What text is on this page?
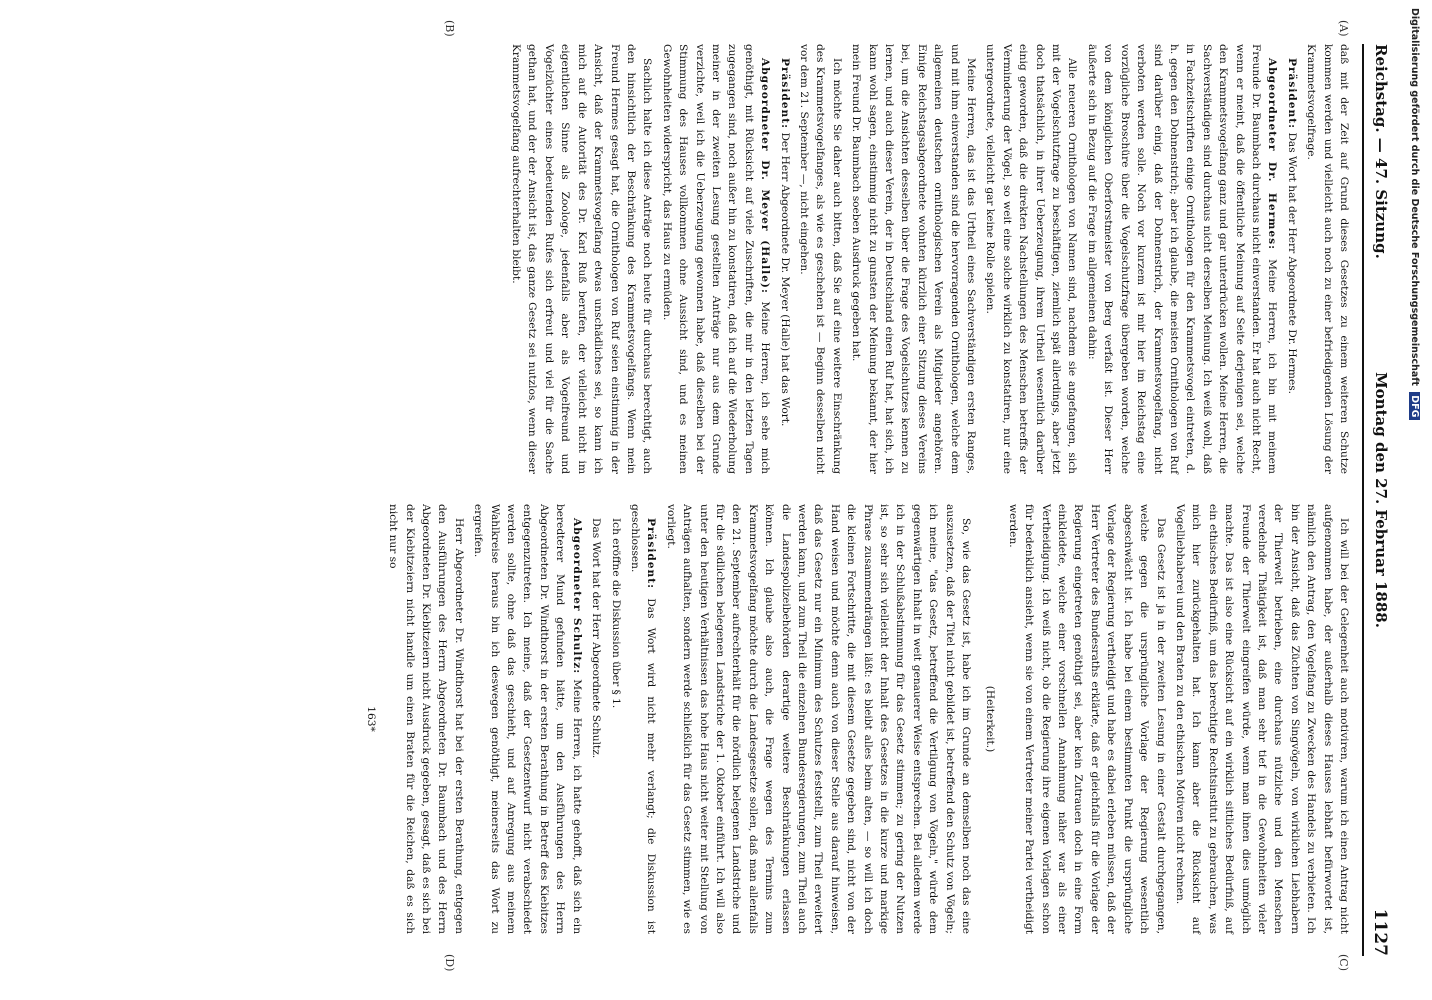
Reichstag. — 47. Sitzung.
Montag den 27. Februar 1888.
1127
(A)
(B)
(C)
(D)

daß mit der Zeit auf Grund dieses Gesetzes zu einem weiteren Schutze kommen werden und vielleicht auch noch zu einer befriedigenden Lösung der Krammetsvogelfrage.

Präsident: Das Wort hat der Herr Abgeordnete Dr. Hermes.

Abgeordneter Dr. Hermes: Meine Herren, ich bin mit meinem Freunde Dr. Baumbach durchaus nicht einverstanden. Er hat auch nicht Recht, wenn er meint, daß die öffentliche Meinung auf Seite derjenigen sei, welche den Krammetsvogelfang ganz und gar unterdrücken wollen. Meine Herren, die Sachverständigen sind durchaus nicht derselben Meinung. Ich weiß wohl, daß in Fachzeitschriften einige Ornithologen für den Krammetsvogel eintreten, d. h. gegen den Dohnenstrich; aber ich glaube, die meisten Ornithologen von Ruf sind darüber einig, daß der Dohnenstrich, der Krammetsvogelfang, nicht verboten werden solle. Noch vor kurzem ist mir hier im Reichstag eine vorzügliche Broschüre über die Vogelschutzfrage übergeben worden, welche von dem königlichen Oberforstmeister von Berg verfaßt ist. Dieser Herr äußerte sich in Bezug auf die Frage im allgemeinen dahin:

Alle neueren Ornithologen von Namen sind, nachdem sie angefangen, sich mit der Vogelschutzfrage zu beschäftigen, ziemlich spät allerdings, aber jetzt doch thatsächlich, in ihrer Ueberzeugung, ihrem Urtheil wesentlich darüber einig geworden, daß die direkten Nachstellungen des Menschen betreffs der Verminderung der Vögel, so weit eine solche wirklich zu konstatiren, nur eine untergeordnete, vielleicht gar keine Rolle spielen.

Meine Herren, das ist das Urtheil eines Sachverständigen ersten Ranges, und mit ihm einverstanden sind die hervorragenden Ornithologen, welche dem allgemeinen deutschen ornithologischen Verein als Mitglieder angehören. Einige Reichstagsabgeordnete wohnten kürzlich einer Sitzung dieses Vereins bei, um die Ansichten desselben über die Frage des Vogelschutzes kennen zu lernen, und auch dieser Verein, der in Deutschland einen Ruf hat, hat sich, ich kann wohl sagen, einstimmig nicht zu gunsten der Meinung bekannt, der hier mein Freund Dr. Baumbach soeben Ausdruck gegeben hat.

Ich möchte Sie daher auch bitten, daß Sie auf eine weitere Einschränkung des Krammetsvogelfanges, als wie es geschehen ist — Beginn desselben nicht vor dem 21. September —, nicht eingehen.

Präsident: Der Herr Abgeordnete Dr. Meyer (Halle) hat das Wort.

Abgeordneter Dr. Meyer (Halle): Meine Herren, ich sehe mich genöthigt, mit Rücksicht auf viele Zuschriften, die mir in den letzten Tagen zugegangen sind, noch außer hin zu konstatiren, daß ich auf die Wiederholung meiner in der zweiten Lesung gestellten Anträge nur aus dem Grunde verzichte, weil ich die Ueberzeugung gewonnen habe, daß dieselben bei der Stimmung des Hauses vollkommen ohne Aussicht sind, und es meinen Gewohnheiten widerspricht, das Haus zu ermüden.

Sachlich halte ich diese Anträge noch heute für durchaus berechtigt, auch den hinsichtlich der Beschränkung des Krammetsvogelfangs. Wenn mein Freund Hermes gesagt hat, die Ornithologen von Ruf seien einstimmig in der Ansicht, daß der Krammetsvogelfang etwas unschädliches sei, so kann ich mich auf die Autorität des Dr. Karl Ruß berufen, der vielleicht nicht im eigentlichen Sinne als Zoologe, jedenfalls aber als Vogelfreund und Vogelzüchter eines bedeutenden Rufes sich erfreut und viel für die Sache gethan hat, und der der Ansicht ist, das ganze Gesetz sei nutzlos, wenn dieser Krammetsvogelfang aufrechterhalten bleibt.

Ich will bei der Gelegenheit auch motiviren, warum ich einen Antrag nicht aufgenommen habe, der außerhalb dieses Hauses lebhaft befürwortet ist, nämlich den Antrag, den Vogelfang zu Zwecken des Handels zu verbieten. Ich bin der Ansicht, daß das Züchten von Singvögeln, von wirklichen Liebhabern der Thierwelt betrieben, eine durchaus nützliche und den Menschen veredelnde Thätigkeit ist, daß man sehr tief in die Gewohnheiten vieler Freunde der Thierwelt eingreifen würde, wenn man ihnen dies unmöglich machte. Das ist also eine Rücksicht auf ein wirklich sittliches Bedürfniß, auf ein ethisches Bedürfniß, um das berechtigte Rechtsinstitut zu gebrauchen, was mich hier zurückgehalten hat. Ich kann aber die Rücksicht auf Vogelliebhaberei und den Braten zu den ethischen Motiven nicht rechnen.

Das Gesetz ist ja in der zweiten Lesung in einer Gestalt durchgegangen, welche gegen die ursprüngliche Vorlage der Regierung wesentlich abgeschwächt ist. Ich habe bei einem bestimmten Punkt die ursprüngliche Vorlage der Regierung vertheidigt und habe es dabei erleben müssen, daß der Herr Vertreter des Bundesraths erklärte, daß er gleichfalls für die Vorlage der Regierung eingetreten genöthigt sei, aber kein Zutrauen doch in eine Form einkleidete, welche einer vorschnellen Annahmung näher war als einer Vertheidigung. Ich weiß nicht, ob die Regierung ihre eigenen Vorlagen schon für bedenklich ansieht, wenn sie von einem Vertreter meiner Partei vertheidigt werden.

(Heiterkeit.)

So, wie das Gesetz ist, habe ich im Grunde an demselben noch das eine auszusetzen, daß der Titel nicht gebildet ist, betreffend den Schutz von Vögeln; ich meine, "das Gesetz, betreffend die Vertilgung von Vögeln," würde dem gegenwärtigen Inhalt in weit genauerer Weise entsprechen. Bei alledem werde ich in der Schlußabstimmung für das Gesetz stimmen; zu gering der Nutzen ist, so sehr sich vielleicht der Inhalt des Gesetzes in die kurze und markige Phrase zusammendrängen läßt: es bleibt alles beim alten, — so will ich doch die kleinen Fortschritte, die mit diesem Gesetze gegeben sind, nicht von der Hand weisen und möchte denn auch von dieser Stelle aus darauf hinweisen, daß das Gesetz nur ein Minimum des Schutzes feststellt, zum Theil erweitert werden kann, und zum Theil die einzelnen Bundesregierungen, zum Theil auch die Landespolizeibehörden derartige weitere Beschränkungen erlassen können. Ich glaube also auch, die Frage wegen des Termins zum Krammetsvogelfang möchte durch die Landesgesetze sollen, daß man allenfalls den 21. September aufrechterhält für die nördlich belegenen Landstriche und für die südlichen belegenen Landstriche der 1. Oktober einführt. Ich will also unter den heutigen Verhältnissen das hohe Haus nicht weiter mit Stellung von Anträgen aufhalten, sondern werde schließlich für das Gesetz stimmen, wie es vorliegt.

Präsident: Das Wort wird nicht mehr verlangt; die Diskussion ist geschlossen.

Ich eröffne die Diskussion über § 1.

Das Wort hat der Herr Abgeordnete Schultz.

Abgeordneter Schultz: Meine Herren, ich hatte gehofft, daß sich ein beredterer Mund gefunden hätte, um den Ausführungen des Herrn Abgeordneten Dr. Windthorst in der ersten Berathung in Betreff des Kiebitzes entgegenzutreten. Ich meine, daß der Gesetzentwurf nicht verabschiedet werden sollte, ohne daß das geschieht, und auf Anregung aus meinem Wahlkreise heraus bin ich deswegen genöthigt, meinerseits das Wort zu ergreifen.

Herr Abgeordneter Dr. Windthorst hat bei der ersten Berathung, entgegen den Ausführungen des Herrn Abgeordneten Dr. Baumbach und des Herrn Abgeordneten Dr. Kiebitzeiern nicht Ausdruck gegeben, gesagt, daß es sich bei der Kiebitzeiern nicht handle um einen Braten für die Reichen, daß es sich nicht nur so

163*

Digitalisierung gefördert durch die Deutsche Forschungsgemeinschaft DFG
